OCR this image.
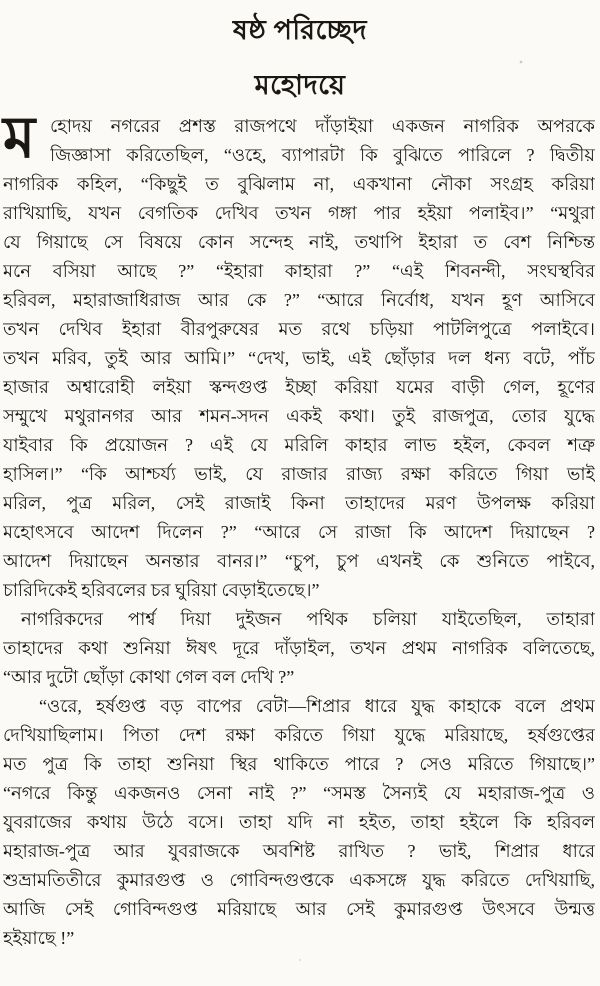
ষষ্ঠ পরিচ্ছেদ
মহোদয়ে
ম হোদয় নগরের প্রশস্ত রাজপথে দাঁড়াইয়া একজন নাগরিক অপরকে
জিজ্ঞাসা করিতেছিল, “ওহে, ব্যাপারটা কি বুঝিতে পারিলে ? দ্বিতীয়
নাগরিক কহিল, “কিছুই ত বুঝিলাম না, একখানা নৌকা সংগ্রহ করিয়া
রাখিয়াছি, যখন বেগতিক দেখিব তখন গঙ্গা পার হইয়া পলাইব।” “মথুরা
যে গিয়াছে সে বিষয়ে কোন সন্দেহ নাই, তথাপি ইহারা ত বেশ নিশ্চিন্ত
মনে বসিয়া আছে ?” “ইহারা কাহারা ?” “এই শিবনন্দী, সংঘস্থবির
হরিবল, মহারাজাধিরাজ আর কে ?” “আরে নির্বোধ, যখন হূণ আসিবে
তখন দেখিব ইহারা বীরপুরুষের মত রথে চড়িয়া পাটলিপুত্রে পলাইবে।
তখন মরিব, তুই আর আমি।” “দেখ, ভাই, এই ছোঁড়ার দল ধন্য বটে, পাঁচ
হাজার অশ্বারোহী লইয়া স্কন্দগুপ্ত ইচ্ছা করিয়া যমের বাড়ী গেল, হূণের
সম্মুখে মথুরানগর আর শমন-সদন একই কথা। তুই রাজপুত্র, তোর যুদ্ধে
যাইবার কি প্রয়োজন ? এই যে মরিলি কাহার লাভ হইল, কেবল শত্রু
হাসিল।” “কি আশ্চর্য্য ভাই, যে রাজার রাজ্য রক্ষা করিতে গিয়া ভাই
মরিল, পুত্র মরিল, সেই রাজাই কিনা তাহাদের মরণ উপলক্ষ করিয়া
মহোৎসবে আদেশ দিলেন ?” “আরে সে রাজা কি আদেশ দিয়াছেন ?
আদেশ দিয়াছেন অনন্তার বানর।” “চুপ, চুপ এখনই কে শুনিতে পাইবে,
চারিদিকেই হরিবলের চর ঘুরিয়া বেড়াইতেছে।”
নাগরিকদের পার্শ্ব দিয়া দুইজন পথিক চলিয়া যাইতেছিল, তাহারা
তাহাদের কথা শুনিয়া ঈষৎ দূরে দাঁড়াইল, তখন প্রথম নাগরিক বলিতেছে,
“আর দুটো ছোঁড়া কোথা গেল বল দেখি ?”
“ওরে, হর্ষগুপ্ত বড় বাপের বেটা—শিপ্রার ধারে যুদ্ধ কাহাকে বলে প্রথম
দেখিয়াছিলাম। পিতা দেশ রক্ষা করিতে গিয়া যুদ্ধে মরিয়াছে, হর্ষগুপ্তের
মত পুত্র কি তাহা শুনিয়া স্থির থাকিতে পারে ? সেও মরিতে গিয়াছে।”
“নগরে কিন্তু একজনও সেনা নাই ?” “সমস্ত সৈন্যই যে মহারাজ-পুত্র ও
যুবরাজের কথায় উঠে বসে। তাহা যদি না হইত, তাহা হইলে কি হরিবল
মহারাজ-পুত্র আর যুবরাজকে অবশিষ্ট রাখিত ? ভাই, শিপ্রার ধারে
শুভ্রামতিতীরে কুমারগুপ্ত ও গোবিন্দগুপ্তকে একসঙ্গে যুদ্ধ করিতে দেখিয়াছি,
আজি সেই গোবিন্দগুপ্ত মরিয়াছে আর সেই কুমারগুপ্ত উৎসবে উন্মত্ত
হইয়াছে !”
